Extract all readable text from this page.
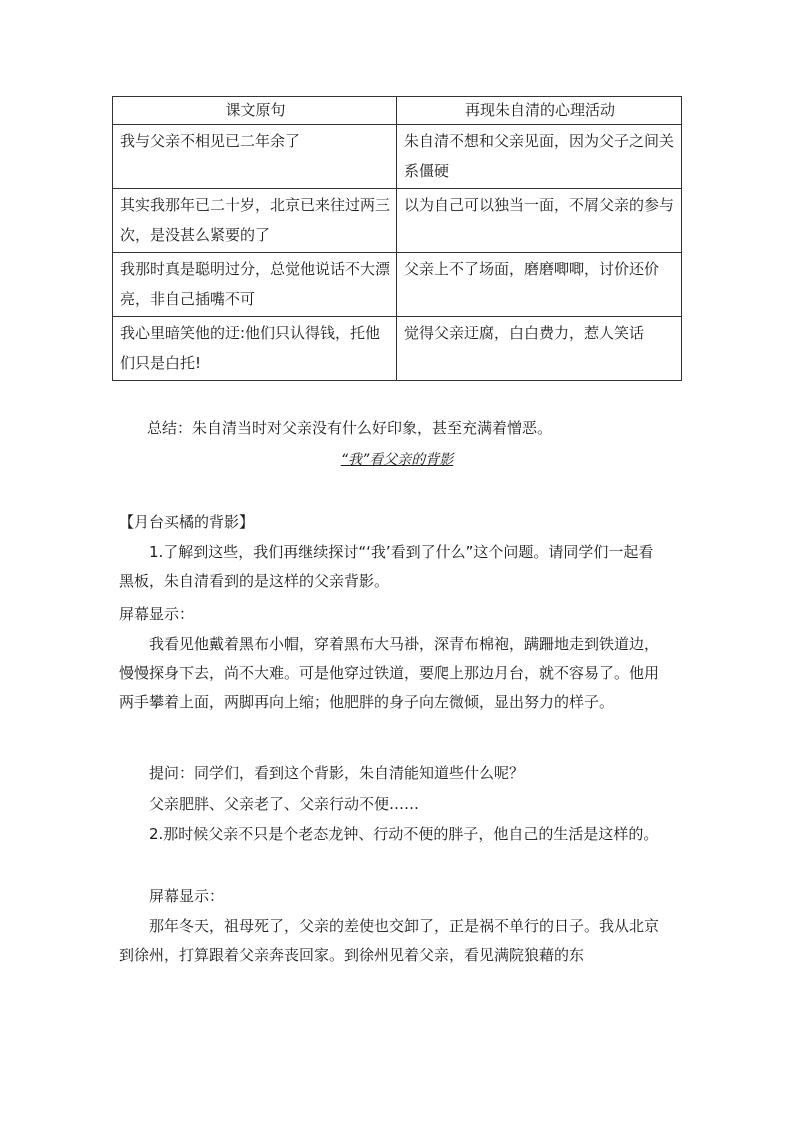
课文原句	再现朱自清的心理活动
我与父亲不相见已二年余了	朱自清不想和父亲见面，因为父子之间关系僵硬
其实我那年已二十岁，北京已来往过两三次，是没甚么紧要的了	以为自己可以独当一面，不屑父亲的参与
我那时真是聪明过分，总觉他说话不大漂亮，非自己插嘴不可	父亲上不了场面，磨磨唧唧，讨价还价
我心里暗笑他的迂:他们只认得钱，托他们只是白托!	觉得父亲迂腐，白白费力，惹人笑话
总结：朱自清当时对父亲没有什么好印象，甚至充满着憎恶。
“我”看父亲的背影
【月台买橘的背影】
1.了解到这些，我们再继续探讨“‘我’看到了什么”这个问题。请同学们一起看黑板，朱自清看到的是这样的父亲背影。
屏幕显示：
我看见他戴着黑布小帽，穿着黑布大马褂，深青布棉袍，蹒跚地走到铁道边，慢慢探身下去，尚不大难。可是他穿过铁道，要爬上那边月台，就不容易了。他用两手攀着上面，两脚再向上缩；他肥胖的身子向左微倾，显出努力的样子。
提问：同学们，看到这个背影，朱自清能知道些什么呢？
父亲肥胖、父亲老了、父亲行动不便……
2.那时候父亲不只是个老态龙钟、行动不便的胖子，他自己的生活是这样的。
屏幕显示：
那年冬天，祖母死了，父亲的差使也交卸了，正是祸不单行的日子。我从北京到徐州，打算跟着父亲奔丧回家。到徐州见着父亲，看见满院狼藉的东
